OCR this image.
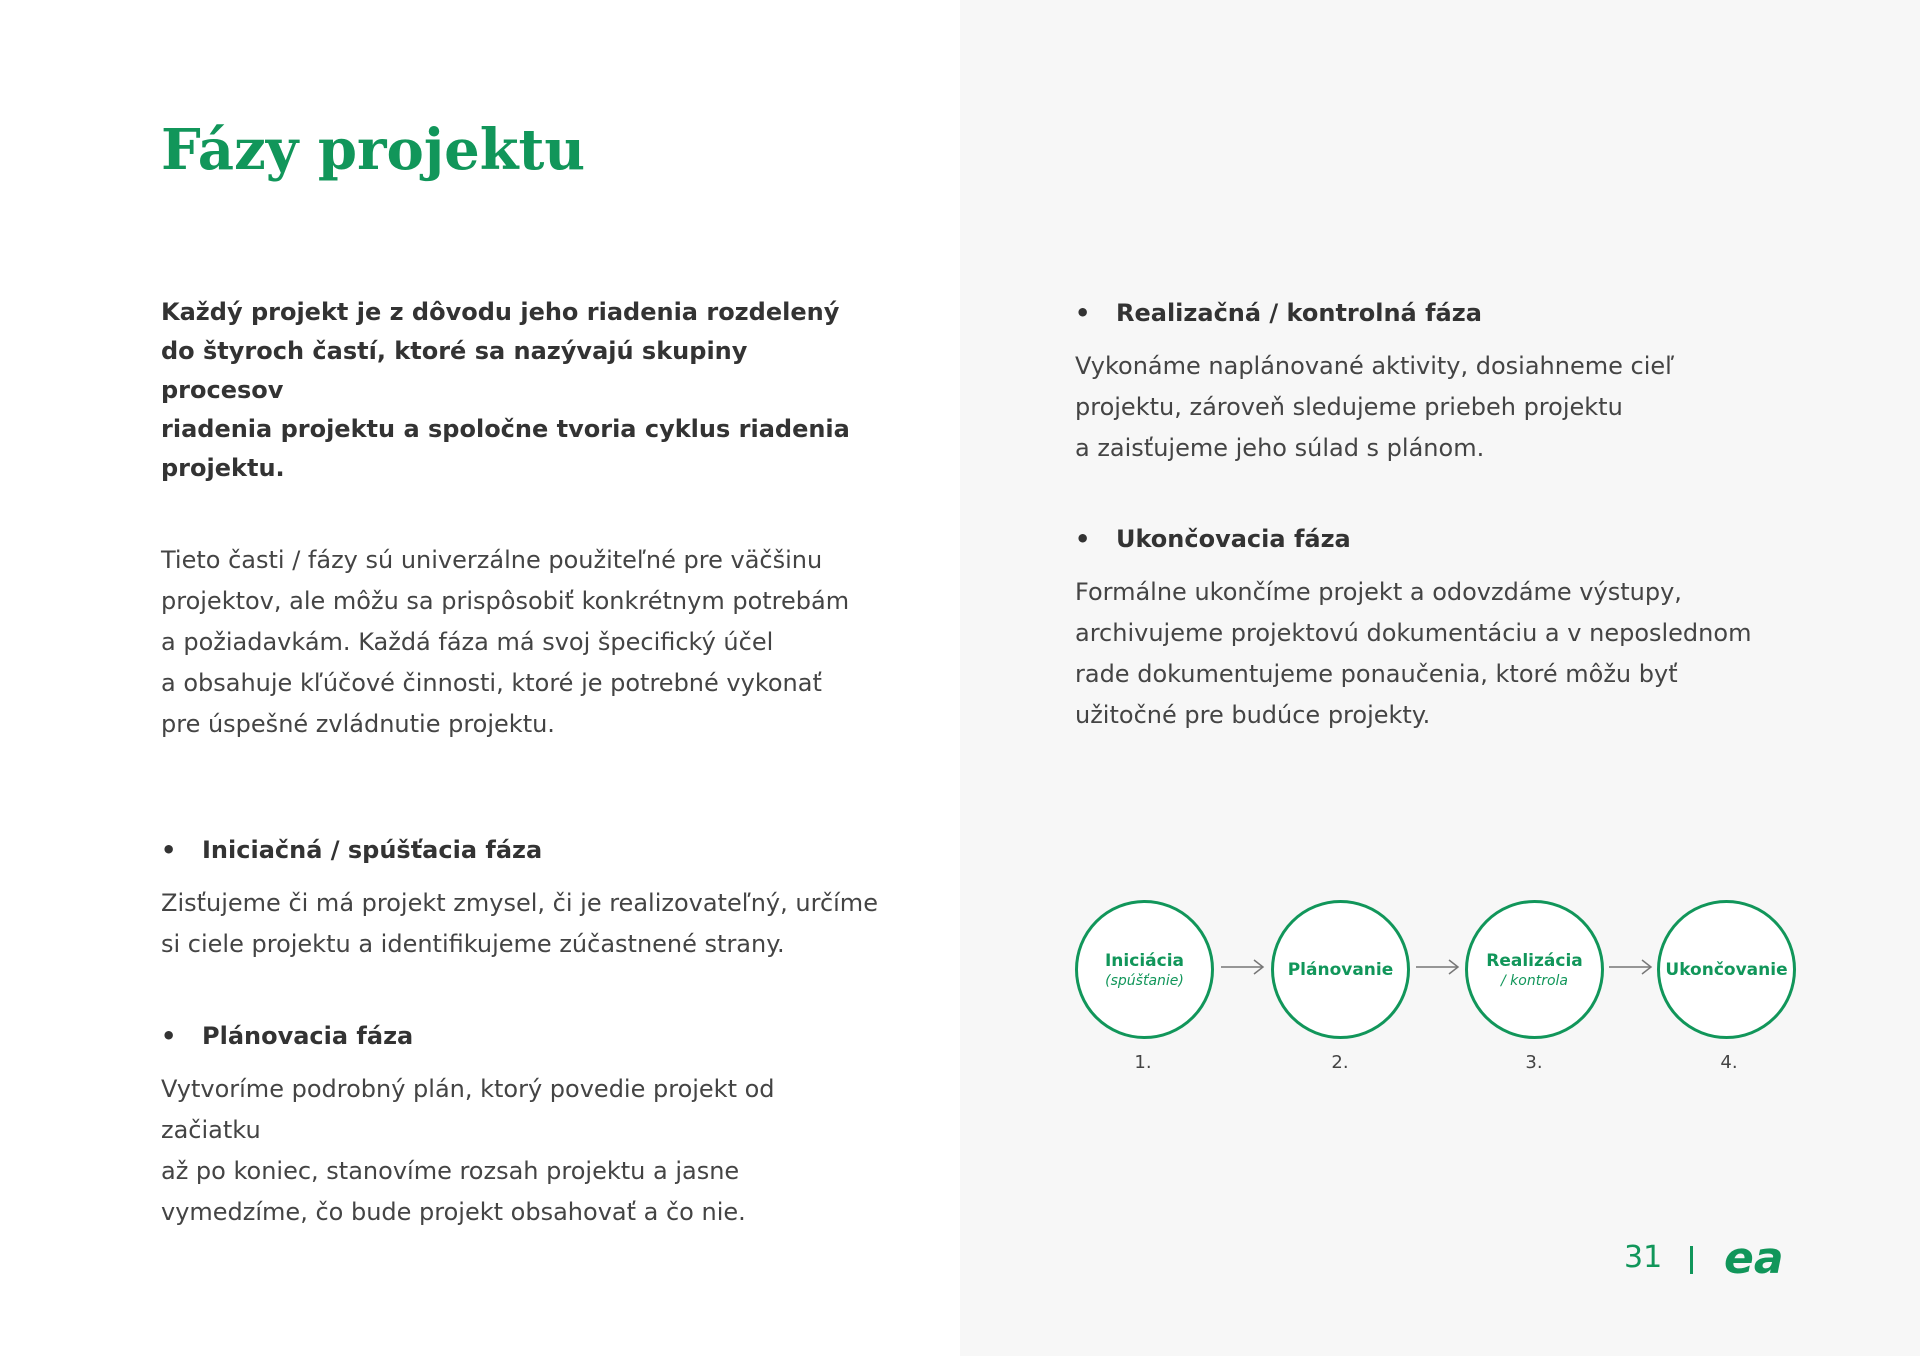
Fázy projektu
Každý projekt je z dôvodu jeho riadenia rozdelený
do štyroch častí, ktoré sa nazývajú skupiny procesov
riadenia projektu a spoločne tvoria cyklus riadenia
projektu.
Tieto časti / fázy sú univerzálne použiteľné pre väčšinu
projektov, ale môžu sa prispôsobiť konkrétnym potrebám
a požiadavkám. Každá fáza má svoj špecifický účel
a obsahuje kľúčové činnosti, ktoré je potrebné vykonať
pre úspešné zvládnutie projektu.
• Iniciačná / spúšťacia fáza
Zisťujeme či má projekt zmysel, či je realizovateľný, určíme
si ciele projektu a identifikujeme zúčastnené strany.
• Plánovacia fáza
Vytvoríme podrobný plán, ktorý povedie projekt od začiatku
až po koniec, stanovíme rozsah projektu a jasne
vymedzíme, čo bude projekt obsahovať a čo nie.
• Realizačná / kontrolná fáza
Vykonáme naplánované aktivity, dosiahneme cieľ
projektu, zároveň sledujeme priebeh projektu
a zaisťujeme jeho súlad s plánom.
• Ukončovacia fáza
Formálne ukončíme projekt a odovzdáme výstupy,
archivujeme projektovú dokumentáciu a v neposlednom
rade dokumentujeme ponaučenia, ktoré môžu byť
užitočné pre budúce projekty.
Iniciácia
(spúšťanie)
Plánovanie	Realizácia
/ kontrola
Ukončovanie
1.	2.	3.	4.
31 ea
